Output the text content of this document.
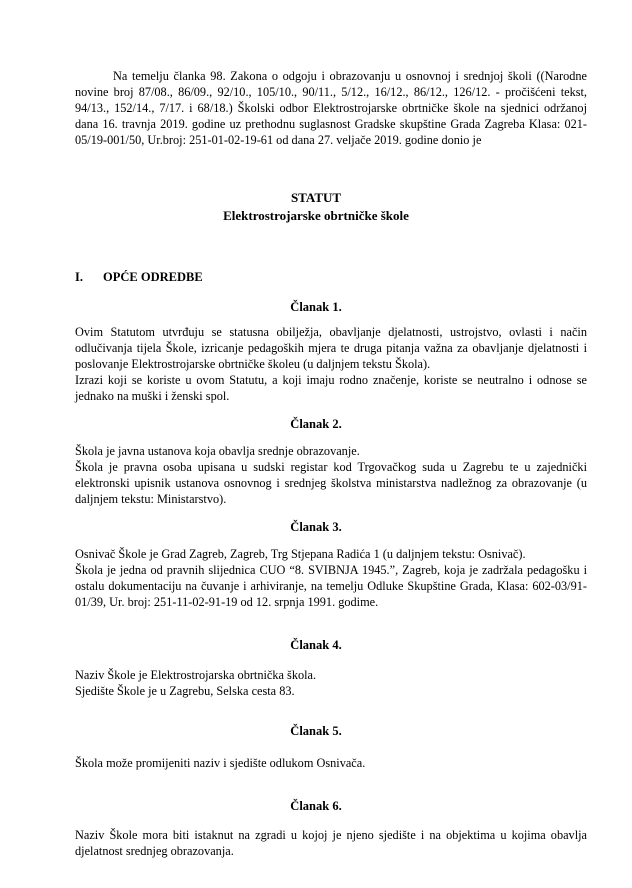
Na temelju članka 98. Zakona o odgoju i obrazovanju u osnovnoj i srednjoj školi ((Narodne novine broj 87/08., 86/09., 92/10., 105/10., 90/11., 5/12., 16/12., 86/12., 126/12. - pročišćeni tekst, 94/13., 152/14., 7/17. i 68/18.) Školski odbor Elektrostrojarske obrtničke škole na sjednici održanoj dana 16. travnja 2019. godine uz prethodnu suglasnost Gradske skupštine Grada Zagreba Klasa: 021-05/19-001/50, Ur.broj: 251-01-02-19-61 od dana 27. veljače 2019. godine donio je
STATUT
Elektrostrojarske obrtničke škole
I. OPĆE ODREDBE
Članak 1.

Ovim Statutom utvrđuju se statusna obilježja, obavljanje djelatnosti, ustrojstvo, ovlasti i način odlučivanja tijela Škole, izricanje pedagoških mjera te druga pitanja važna za obavljanje djelatnosti i poslovanje Elektrostrojarske obrtničke školeu (u daljnjem tekstu Škola).

Izrazi koji se koriste u ovom Statutu, a koji imaju rodno značenje, koriste se neutralno i odnose se jednako na muški i ženski spol.

Članak 2.

Škola je javna ustanova koja obavlja srednje obrazovanje.

Škola je pravna osoba upisana u sudski registar kod Trgovačkog suda u Zagrebu te u zajednički elektronski upisnik ustanova osnovnog i srednjeg školstva ministarstva nadležnog za obrazovanje (u daljnjem tekstu: Ministarstvo).

Članak 3.

Osnivač Škole je Grad Zagreb, Zagreb, Trg Stjepana Radića 1 (u daljnjem tekstu: Osnivač).

Škola je jedna od pravnih slijednica CUO “8. SVIBNJA 1945.”, Zagreb, koja je zadržala pedagošku i ostalu dokumentaciju na čuvanje i arhiviranje, na temelju Odluke Skupštine Grada, Klasa: 602-03/91-01/39, Ur. broj: 251-11-02-91-19 od 12. srpnja 1991. godime.

Članak 4.

Naziv Škole je Elektrostrojarska obrtnička škola.

Sjedište Škole je u Zagrebu, Selska cesta 83.

Članak 5.

Škola može promijeniti naziv i sjedište odlukom Osnivača.

Članak 6.

Naziv Škole mora biti istaknut na zgradi u kojoj je njeno sjedište i na objektima u kojima obavlja djelatnost srednjeg obrazovanja.
